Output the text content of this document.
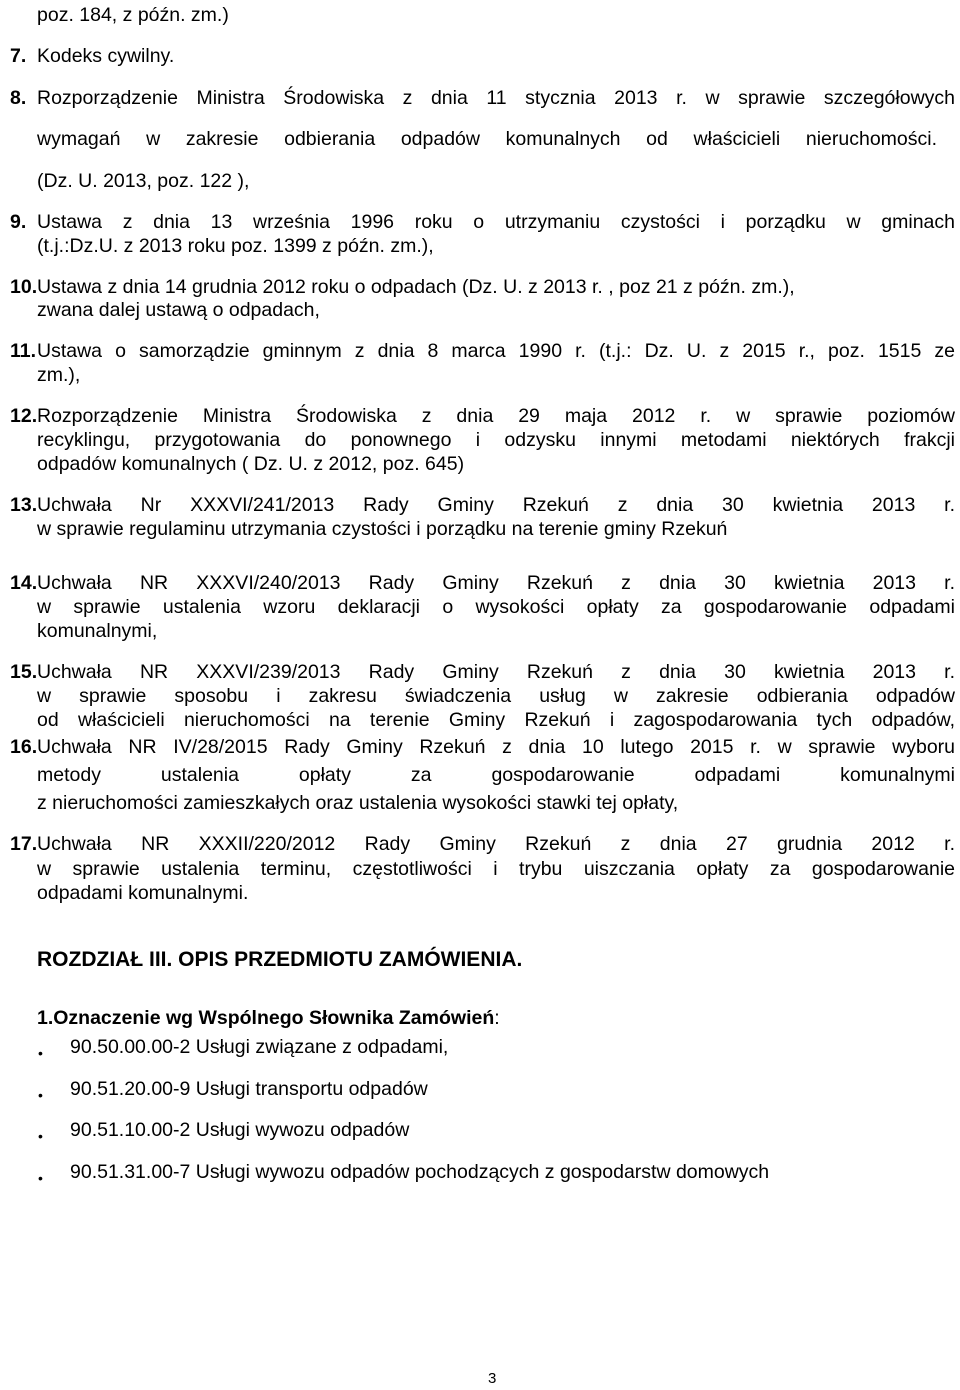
poz. 184, z późn. zm.)
7. Kodeks cywilny.
8. Rozporządzenie Ministra Środowiska z dnia 11 stycznia 2013 r. w sprawie szczegółowych
wymagań w zakresie odbierania odpadów komunalnych od właścicieli nieruchomości.
(Dz. U. 2013, poz. 122 ),
9. Ustawa z dnia 13 września 1996 roku o utrzymaniu czystości i porządku w gminach
(t.j.:Dz.U. z 2013 roku poz. 1399 z późn. zm.),
10. Ustawa z dnia 14 grudnia 2012 roku o odpadach (Dz. U. z 2013 r. , poz 21 z późn. zm.),
zwana dalej ustawą o odpadach,
11. Ustawa o samorządzie gminnym z dnia 8 marca 1990 r. (t.j.: Dz. U. z 2015 r., poz. 1515 ze
zm.),
12. Rozporządzenie Ministra Środowiska z dnia 29 maja 2012 r. w sprawie poziomów
recyklingu, przygotowania do ponownego i odzysku innymi metodami niektórych frakcji
odpadów komunalnych ( Dz. U. z 2012, poz. 645)
13. Uchwała Nr XXXVI/241/2013 Rady Gminy Rzekuń z dnia 30 kwietnia 2013 r.
w sprawie regulaminu utrzymania czystości i porządku na terenie gminy Rzekuń
14. Uchwała NR XXXVI/240/2013 Rady Gminy Rzekuń z dnia 30 kwietnia 2013 r.
w sprawie ustalenia wzoru deklaracji o wysokości opłaty za gospodarowanie odpadami
komunalnymi,
15. Uchwała NR XXXVI/239/2013 Rady Gminy Rzekuń z dnia 30 kwietnia 2013 r.
w sprawie sposobu i zakresu świadczenia usług w zakresie odbierania odpadów
od właścicieli nieruchomości na terenie Gminy Rzekuń i zagospodarowania tych odpadów,
16. Uchwała NR IV/28/2015 Rady Gminy Rzekuń z dnia 10 lutego 2015 r. w sprawie wyboru
metody ustalenia opłaty za gospodarowanie odpadami komunalnymi
z nieruchomości zamieszkałych oraz ustalenia wysokości stawki tej opłaty,
17. Uchwała NR XXXII/220/2012 Rady Gminy Rzekuń z dnia 27 grudnia 2012 r.
w sprawie ustalenia terminu, częstotliwości i trybu uiszczania opłaty za gospodarowanie
odpadami komunalnymi.
ROZDZIAŁ III. OPIS PRZEDMIOTU ZAMÓWIENIA.
1.Oznaczenie wg Wspólnego Słownika Zamówień:
• 90.50.00.00-2 Usługi związane z odpadami,
• 90.51.20.00-9 Usługi transportu odpadów
• 90.51.10.00-2 Usługi wywozu odpadów
• 90.51.31.00-7 Usługi wywozu odpadów pochodzących z gospodarstw domowych
3
